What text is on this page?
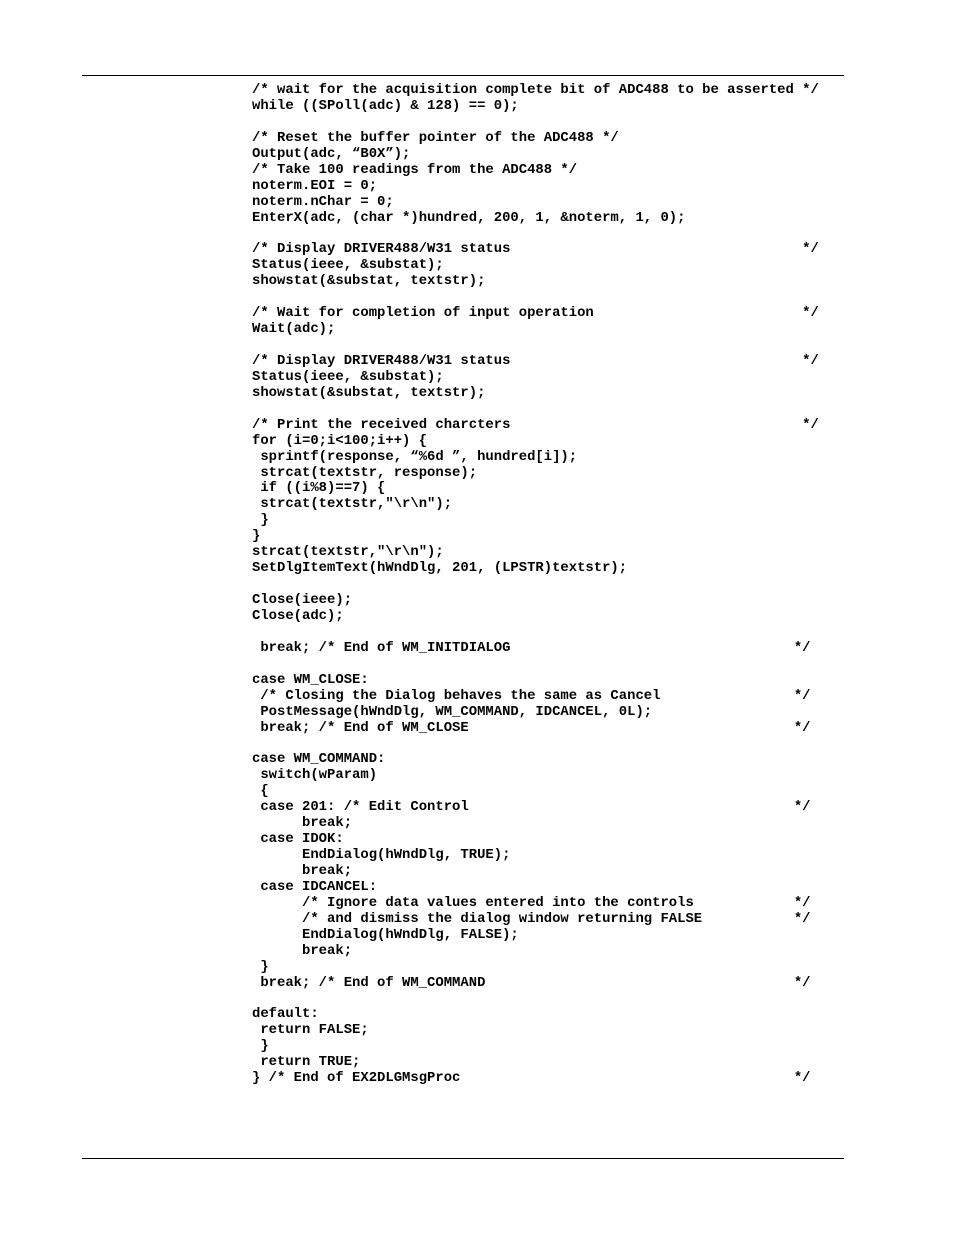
/* wait for the acquisition complete bit of ADC488 to be asserted */
while ((SPoll(adc) & 128) == 0);
/* Reset the buffer pointer of the ADC488 */
Output(adc, “B0X”);
/* Take 100 readings from the ADC488 */
noterm.EOI = 0;
noterm.nChar = 0;
EnterX(adc, (char *)hundred, 200, 1, &noterm, 1, 0);
/* Display DRIVER488/W31 status                                   */
Status(ieee, &substat);
showstat(&substat, textstr);
/* Wait for completion of input operation                         */
Wait(adc);
/* Display DRIVER488/W31 status                                   */
Status(ieee, &substat);
showstat(&substat, textstr);
/* Print the received charcters                                   */
for (i=0;i<100;i++) {
sprintf(response, “%6d ”, hundred[i]);
strcat(textstr, response);
if ((i%8)==7) {
strcat(textstr,"\r\n");
}
}
strcat(textstr,"\r\n");
SetDlgItemText(hWndDlg, 201, (LPSTR)textstr);
Close(ieee);
Close(adc);
break; /* End of WM_INITDIALOG                                  */
case WM_CLOSE:
/* Closing the Dialog behaves the same as Cancel                */
PostMessage(hWndDlg, WM_COMMAND, IDCANCEL, 0L);
break; /* End of WM_CLOSE                                       */
case WM_COMMAND:
switch(wParam)
{
case 201: /* Edit Control                                       */
break;
case IDOK:
EndDialog(hWndDlg, TRUE);
break;
case IDCANCEL:
/* Ignore data values entered into the controls            */
/* and dismiss the dialog window returning FALSE           */
EndDialog(hWndDlg, FALSE);
break;
}
break; /* End of WM_COMMAND                                     */
default:
return FALSE;
}
return TRUE;
} /* End of EX2DLGMsgProc                                        */
